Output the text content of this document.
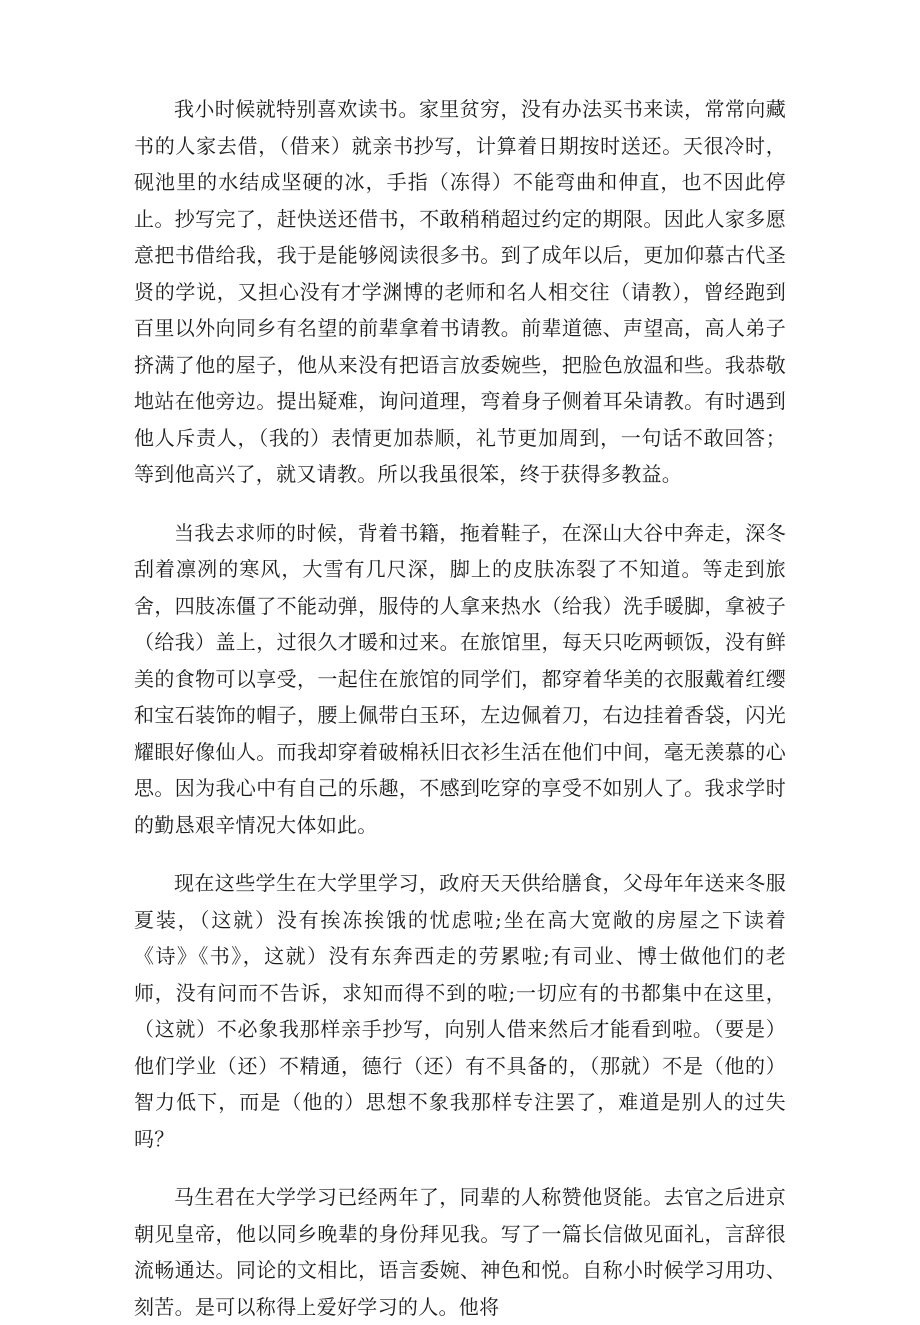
我小时候就特别喜欢读书。家里贫穷，没有办法买书来读，常常向藏书的人家去借，（借来）就亲书抄写，计算着日期按时送还。天很冷时，砚池里的水结成坚硬的冰，手指（冻得）不能弯曲和伸直，也不因此停止。抄写完了，赶快送还借书，不敢稍稍超过约定的期限。因此人家多愿意把书借给我，我于是能够阅读很多书。到了成年以后，更加仰慕古代圣贤的学说，又担心没有才学渊博的老师和名人相交往（请教），曾经跑到百里以外向同乡有名望的前辈拿着书请教。前辈道德、声望高，高人弟子挤满了他的屋子，他从来没有把语言放委婉些，把脸色放温和些。我恭敬地站在他旁边。提出疑难，询问道理，弯着身子侧着耳朵请教。有时遇到他人斥责人，（我的）表情更加恭顺，礼节更加周到，一句话不敢回答；等到他高兴了，就又请教。所以我虽很笨，终于获得多教益。

当我去求师的时候，背着书籍，拖着鞋子，在深山大谷中奔走，深冬刮着凛冽的寒风，大雪有几尺深，脚上的皮肤冻裂了不知道。等走到旅舍，四肢冻僵了不能动弹，服侍的人拿来热水（给我）洗手暖脚，拿被子（给我）盖上，过很久才暖和过来。在旅馆里，每天只吃两顿饭，没有鲜美的食物可以享受，一起住在旅馆的同学们，都穿着华美的衣服戴着红缨和宝石装饰的帽子，腰上佩带白玉环，左边佩着刀，右边挂着香袋，闪光耀眼好像仙人。而我却穿着破棉袄旧衣衫生活在他们中间，毫无羡慕的心思。因为我心中有自己的乐趣，不感到吃穿的享受不如别人了。我求学时的勤恳艰辛情况大体如此。

现在这些学生在大学里学习，政府天天供给膳食，父母年年送来冬服夏装，（这就）没有挨冻挨饿的忧虑啦;坐在高大宽敞的房屋之下读着《诗》《书》，这就）没有东奔西走的劳累啦;有司业、博士做他们的老师，没有问而不告诉，求知而得不到的啦;一切应有的书都集中在这里，（这就）不必象我那样亲手抄写，向别人借来然后才能看到啦。（要是）他们学业（还）不精通，德行（还）有不具备的，（那就）不是（他的）智力低下，而是（他的）思想不象我那样专注罢了，难道是别人的过失吗？

马生君在大学学习已经两年了，同辈的人称赞他贤能。去官之后进京朝见皇帝，他以同乡晚辈的身份拜见我。写了一篇长信做见面礼，言辞很流畅通达。同论的文相比，语言委婉、神色和悦。自称小时候学习用功、刻苦。是可以称得上爱好学习的人。他将
